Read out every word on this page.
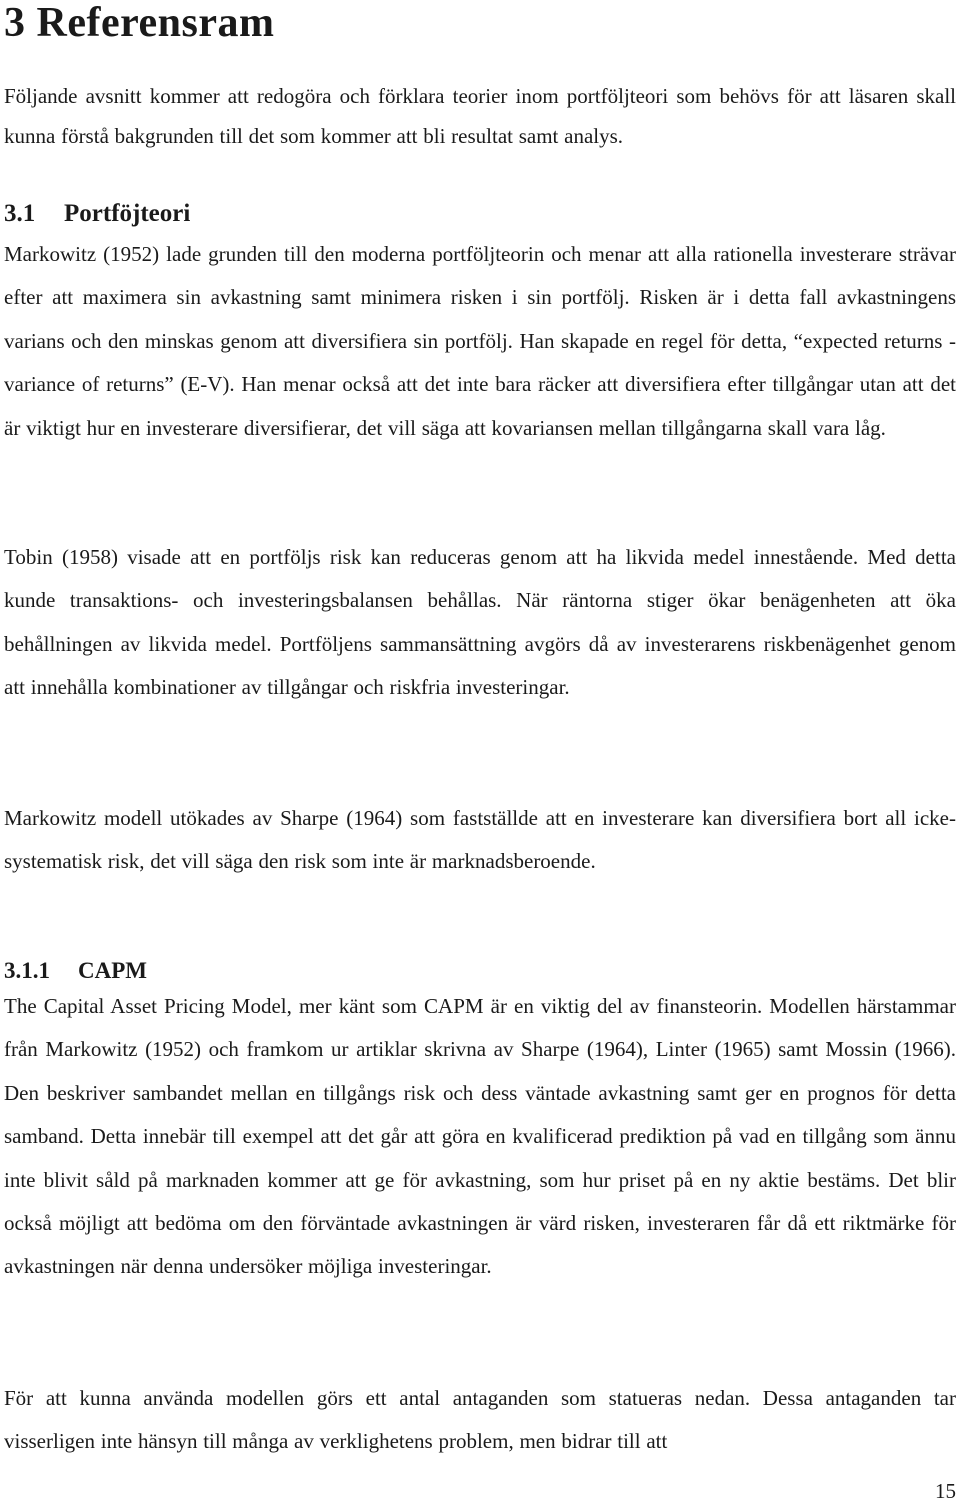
3 Referensram

Följande avsnitt kommer att redogöra och förklara teorier inom portföljteori som behövs för att läsaren skall kunna förstå bakgrunden till det som kommer att bli resultat samt analys.

3.1 Portföjteori

Markowitz (1952) lade grunden till den moderna portföljteorin och menar att alla rationella investerare strävar efter att maximera sin avkastning samt minimera risken i sin portfölj. Risken är i detta fall avkastningens varians och den minskas genom att diversifiera sin portfölj. Han skapade en regel för detta, “expected returns - variance of returns” (E-V). Han menar också att det inte bara räcker att diversifiera efter tillgångar utan att det är viktigt hur en investerare diversifierar, det vill säga att kovariansen mellan tillgångarna skall vara låg.

Tobin (1958) visade att en portföljs risk kan reduceras genom att ha likvida medel innestående. Med detta kunde transaktions- och investeringsbalansen behållas. När räntorna stiger ökar benägenheten att öka behållningen av likvida medel. Portföljens sammansättning avgörs då av investerarens riskbenägenhet genom att innehålla kombinationer av tillgångar och riskfria investeringar.

Markowitz modell utökades av Sharpe (1964) som fastställde att en investerare kan diversifiera bort all icke-systematisk risk, det vill säga den risk som inte är marknadsberoende.

3.1.1 CAPM

The Capital Asset Pricing Model, mer känt som CAPM är en viktig del av finansteorin. Modellen härstammar från Markowitz (1952) och framkom ur artiklar skrivna av Sharpe (1964), Linter (1965) samt Mossin (1966). Den beskriver sambandet mellan en tillgångs risk och dess väntade avkastning samt ger en prognos för detta samband. Detta innebär till exempel att det går att göra en kvalificerad prediktion på vad en tillgång som ännu inte blivit såld på marknaden kommer att ge för avkastning, som hur priset på en ny aktie bestäms. Det blir också möjligt att bedöma om den förväntade avkastningen är värd risken, investeraren får då ett riktmärke för avkastningen när denna undersöker möjliga investeringar.

För att kunna använda modellen görs ett antal antaganden som statueras nedan. Dessa antaganden tar visserligen inte hänsyn till många av verklighetens problem, men bidrar till att

15
